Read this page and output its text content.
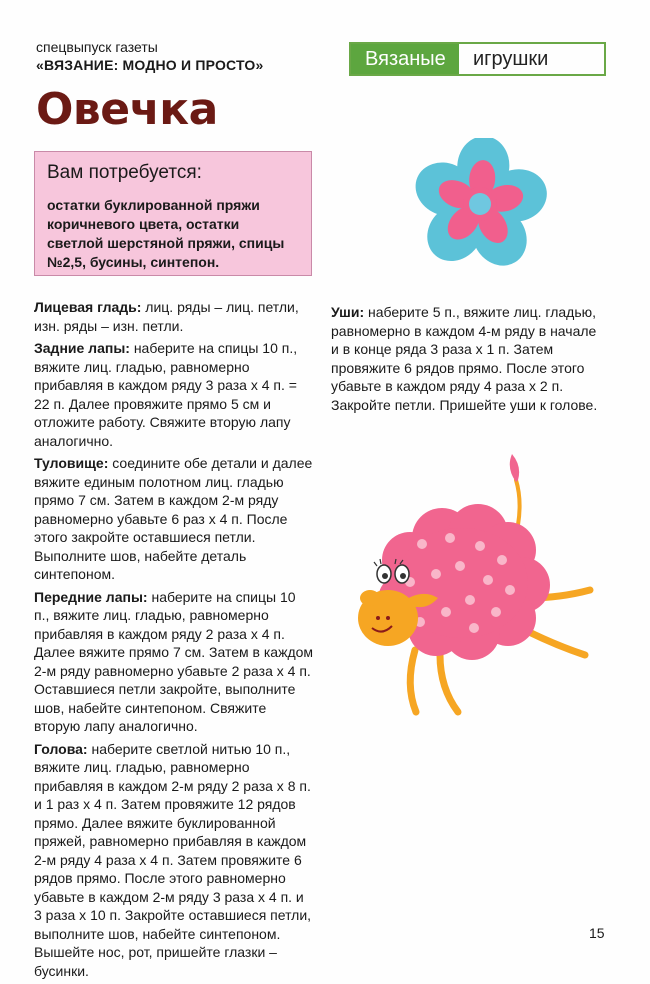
спецвыпуск газеты
«ВЯЗАНИЕ: МОДНО И ПРОСТО»	Вязаные	игрушки
Овечка
Вам потребуется:
остатки буклированной пряжи коричневого цвета, остатки светлой шерстяной пряжи, спицы №2,5, бусины, синтепон.

Лицевая гладь: лиц. ряды – лиц. петли, изн. ряды – изн. петли.

Задние лапы: наберите на спицы 10 п., вяжите лиц. гладью, равномерно прибавляя в каждом ряду 3 раза х 4 п. = 22 п. Далее провяжите прямо 5 см и отложите работу. Свяжите вторую лапу аналогично.

Туловище: соедините обе детали и далее вяжите единым полотном лиц. гладью прямо 7 см. Затем в каждом 2-м ряду равномерно убавьте 6 раз х 4 п. После этого закройте оставшиеся петли. Выполните шов, набейте деталь синтепоном.

Передние лапы: наберите на спицы 10 п., вяжите лиц. гладью, равномерно прибавляя в каждом ряду 2 раза х 4 п. Далее вяжите прямо 7 см. Затем в каждом 2-м ряду равномерно убавьте 2 раза х 4 п. Оставшиеся петли закройте, выполните шов, набейте синтепоном. Свяжите вторую лапу аналогично.

Голова: наберите светлой нитью 10 п., вяжите лиц. гладью, равномерно прибавляя в каждом 2-м ряду 2 раза х 8 п. и 1 раз х 4 п. Затем провяжите 12 рядов прямо. Далее вяжите буклированной пряжей, равномерно прибавляя в каждом 2-м ряду 4 раза х 4 п. Затем провяжите 6 рядов прямо. После этого равномерно убавьте в каждом 2-м ряду 3 раза х 4 п. и 3 раза х 10 п. Закройте оставшиеся петли, выполните шов, набейте синтепоном. Вышейте нос, рот, пришейте глазки – бусинки.

Уши: наберите 5 п., вяжите лиц. гладью, равномерно в каждом 4-м ряду в начале и в конце ряда 3 раза х 1 п. Затем провяжите 6 рядов прямо. После этого убавьте в каждом ряду 4 раза х 2 п. Закройте петли. Пришейте уши к голове.

15
